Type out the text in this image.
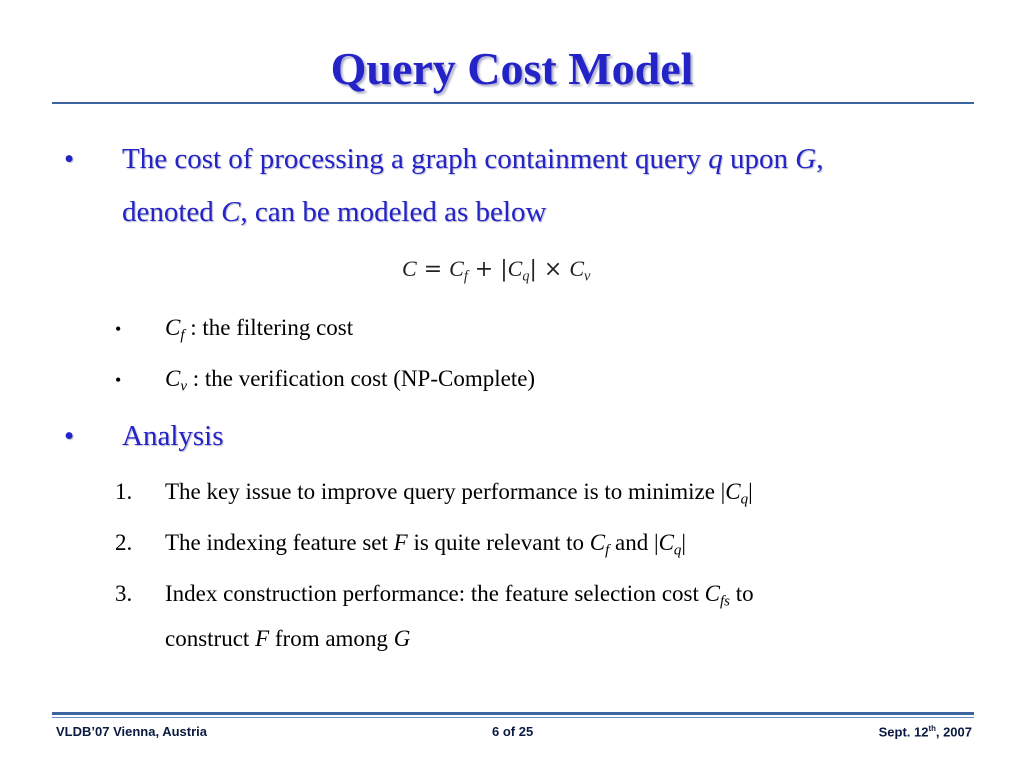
Query Cost Model
• The cost of processing a graph containment query q upon G,
denoted C, can be modeled as below
$C = C_f + |C_q| \times C_v$
• $C_f$ : the filtering cost
• $C_v$ : the verification cost (NP-Complete)
• Analysis
1. The key issue to improve query performance is to minimize $|C_q|$
2. The indexing feature set F is quite relevant to $C_f$ and $|C_q|$
3. Index construction performance: the feature selection cost $C_{fs}$ to
construct F from among G
VLDB’07 Vienna, Austria	6 of 25	Sept. 12th, 2007
